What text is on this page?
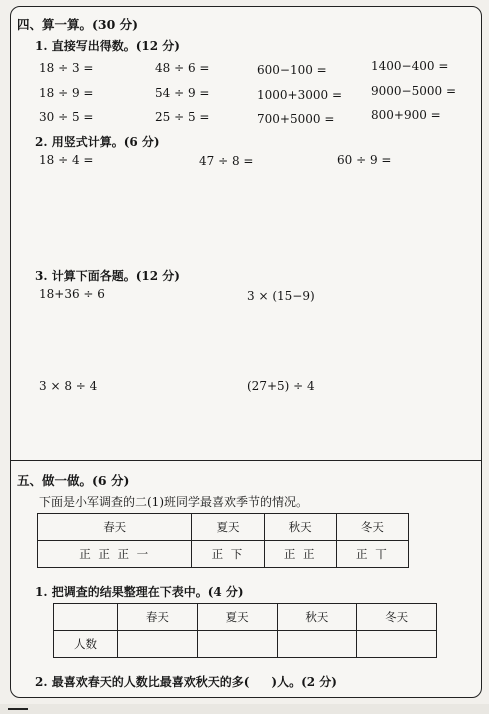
四、算一算。(30 分)
1. 直接写出得数。(12 分)
18 ÷ 3 =	48 ÷ 6 =	600−100 =	1400−400 =
18 ÷ 9 =	54 ÷ 9 =	1000+3000 = 9000−5000 =
30 ÷ 5 =	25 ÷ 5 =	700+5000 =	800+900 =
2. 用竖式计算。(6 分)
18 ÷ 4 =	47 ÷ 8 =	60 ÷ 9 =
3. 计算下面各题。(12 分)
18+36 ÷ 6	3 × (15−9)
3 × 8 ÷ 4	(27+5) ÷ 4
五、做一做。(6 分)
下面是小军调查的二(1)班同学最喜欢季节的情况。
春天	夏天	秋天	冬天
正 正 正 一	正 下	正 正	正 丅
1. 把调查的结果整理在下表中。(4 分)
	春天	夏天	秋天	冬天
人数				
2. 最喜欢春天的人数比最喜欢秋天的多( )人。(2 分)
